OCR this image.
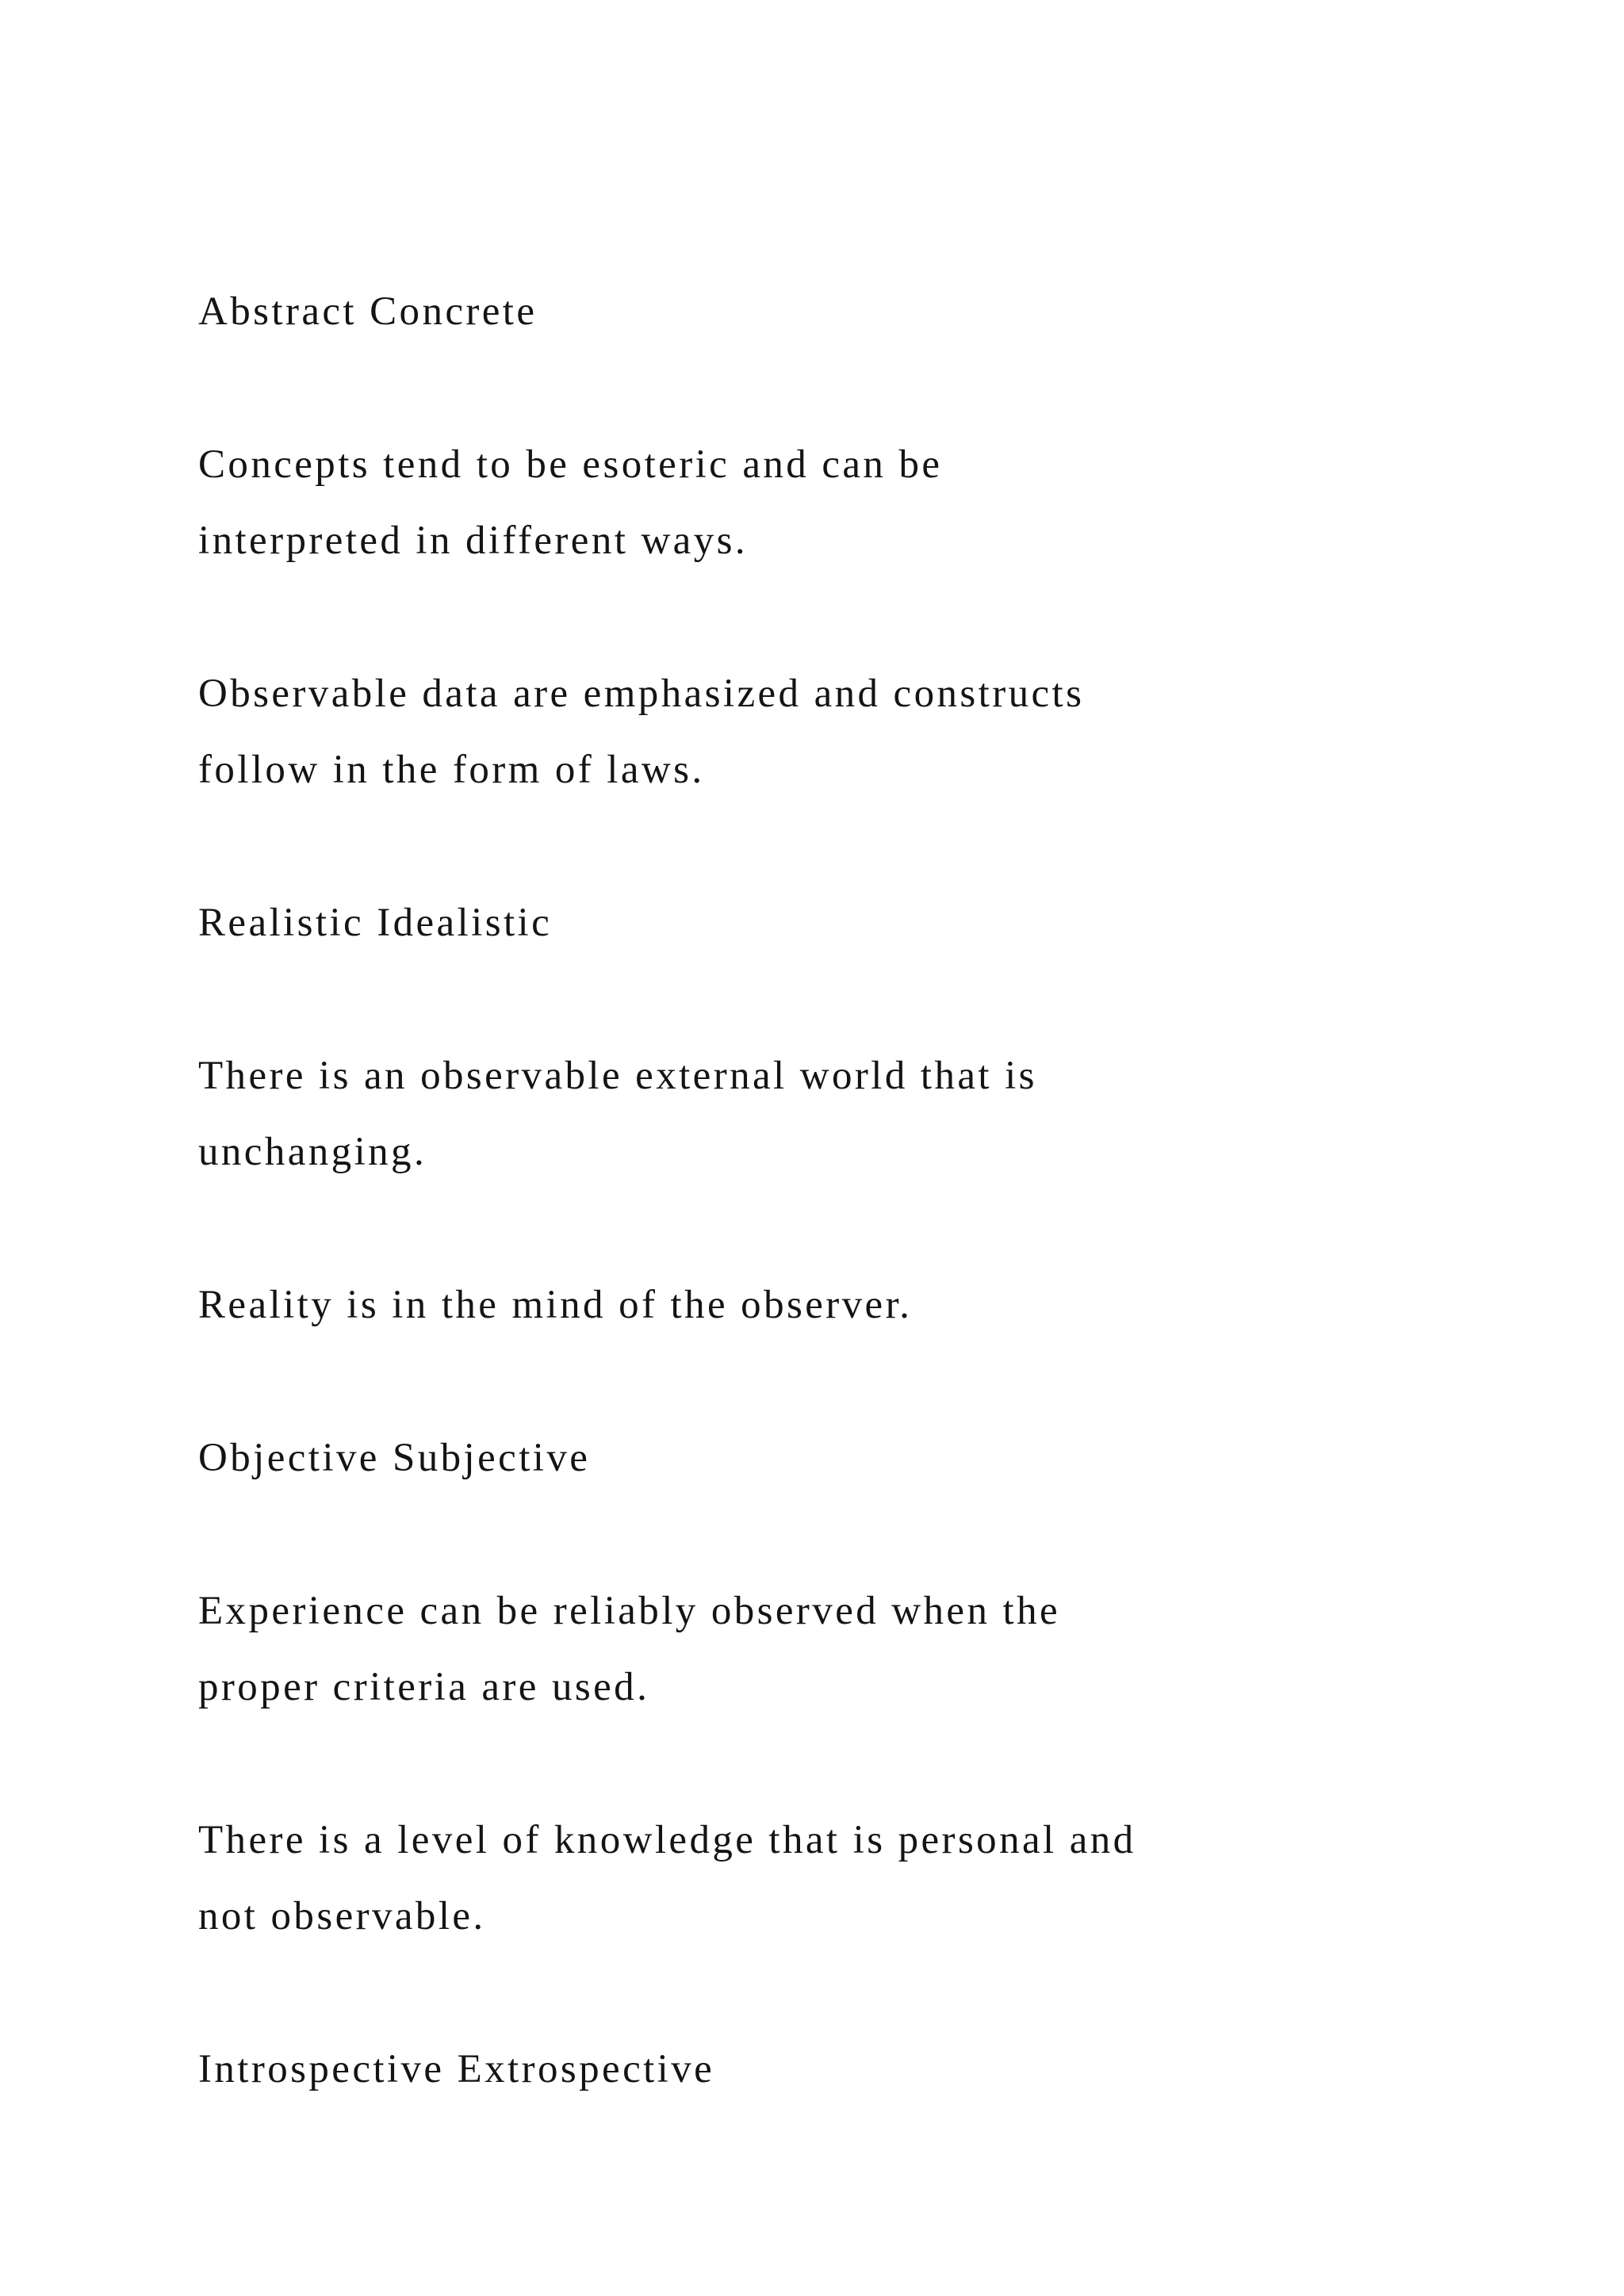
Abstract Concrete

Concepts tend to be esoteric and can be

interpreted in different ways.

Observable data are emphasized and constructs

follow in the form of laws.

Realistic Idealistic

There is an observable external world that is

unchanging.

Reality is in the mind of the observer.

Objective Subjective

Experience can be reliably observed when the

proper criteria are used.

There is a level of knowledge that is personal and

not observable.

Introspective Extrospective
